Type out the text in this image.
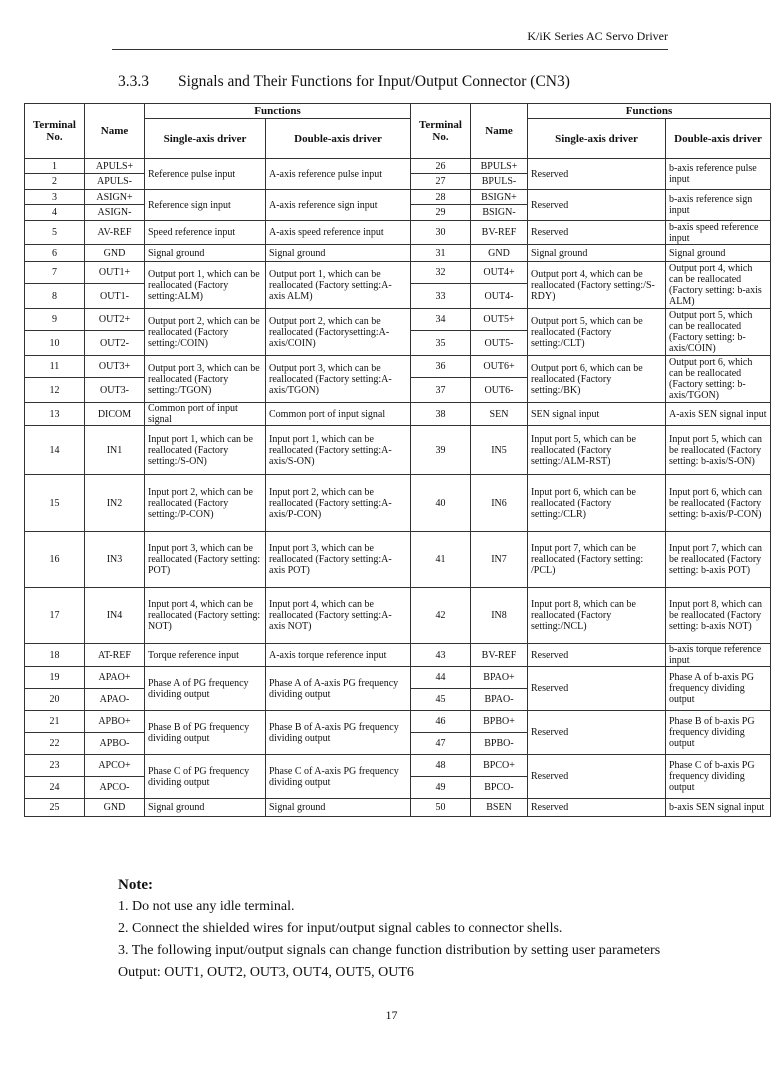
K/iK Series AC Servo Driver
3.3.3 Signals and Their Functions for Input/Output Connector (CN3)
Terminal No.	Name	Functions		Terminal No.	Name	Functions	
		Single-axis driver	Double-axis driver			Single-axis driver	Double-axis driver
1	APULS+	Reference pulse input	A-axis reference pulse input	26	BPULS+	Reserved	b-axis reference pulse input
2	APULS-			27	BPULS-		
3	ASIGN+	Reference sign input	A-axis reference sign input	28	BSIGN+	Reserved	b-axis reference sign input
4	ASIGN-			29	BSIGN-		
5	AV-REF	Speed reference input	A-axis speed reference input	30	BV-REF	Reserved	b-axis speed reference input
6	GND	Signal ground	Signal ground	31	GND	Signal ground	Signal ground
7	OUT1+	Output port 1, which can be reallocated (Factory setting:ALM)	Output port 1, which can be reallocated (Factory setting:A-axis ALM)	32	OUT4+	Output port 4, which can be reallocated (Factory setting:/S-RDY)	Output port 4, which can be reallocated (Factory setting: b-axis ALM)
8	OUT1-			33	OUT4-		
9	OUT2+	Output port 2, which can be reallocated (Factory setting:/COIN)	Output port 2, which can be reallocated (Factorysetting:A-axis/COIN)	34	OUT5+	Output port 5, which can be reallocated (Factory setting:/CLT)	Output port 5, which can be reallocated (Factory setting: b-axis/COIN)
10	OUT2-			35	OUT5-		
11	OUT3+	Output port 3, which can be reallocated (Factory setting:/TGON)	Output port 3, which can be reallocated (Factory setting:A-axis/TGON)	36	OUT6+	Output port 6, which can be reallocated (Factory setting:/BK)	Output port 6, which can be reallocated (Factory setting: b-axis/TGON)
12	OUT3-			37	OUT6-		
13	DICOM	Common port of input signal	Common port of input signal	38	SEN	SEN signal input	A-axis SEN signal input
14	IN1	Input port 1, which can be reallocated (Factory setting:/S-ON)	Input port 1, which can be reallocated (Factory setting:A-axis/S-ON)	39	IN5	Input port 5, which can be reallocated (Factory setting:/ALM-RST)	Input port 5, which can be reallocated (Factory setting: b-axis/S-ON)
15	IN2	Input port 2, which can be reallocated (Factory setting:/P-CON)	Input port 2, which can be reallocated (Factory setting:A-axis/P-CON)	40	IN6	Input port 6, which can be reallocated (Factory setting:/CLR)	Input port 6, which can be reallocated (Factory setting: b-axis/P-CON)
16	IN3	Input port 3, which can be reallocated (Factory setting: POT)	Input port 3, which can be reallocated (Factory setting:A-axis POT)	41	IN7	Input port 7, which can be reallocated (Factory setting: /PCL)	Input port 7, which can be reallocated (Factory setting: b-axis POT)
17	IN4	Input port 4, which can be reallocated (Factory setting: NOT)	Input port 4, which can be reallocated (Factory setting:A-axis NOT)	42	IN8	Input port 8, which can be reallocated (Factory setting:/NCL)	Input port 8, which can be reallocated (Factory setting: b-axis NOT)
18	AT-REF	Torque reference input	A-axis torque reference input	43	BV-REF	Reserved	b-axis torque reference input
19	APAO+	Phase A of PG frequency dividing output	Phase A of A-axis PG frequency dividing output	44	BPAO+	Reserved	Phase A of b-axis PG frequency dividing output
20	APAO-			45	BPAO-		
21	APBO+	Phase B of PG frequency dividing output	Phase B of A-axis PG frequency dividing output	46	BPBO+	Reserved	Phase B of b-axis PG frequency dividing output
22	APBO-			47	BPBO-		
23	APCO+	Phase C of PG frequency dividing output	Phase C of A-axis PG frequency dividing output	48	BPCO+	Reserved	Phase C of b-axis PG frequency dividing output
24	APCO-			49	BPCO-		
25	GND	Signal ground	Signal ground	50	BSEN	Reserved	b-axis SEN signal input
Note:
1. Do not use any idle terminal.
2. Connect the shielded wires for input/output signal cables to connector shells.
3. The following input/output signals can change function distribution by setting user parameters
Output: OUT1, OUT2, OUT3, OUT4, OUT5, OUT6
17
